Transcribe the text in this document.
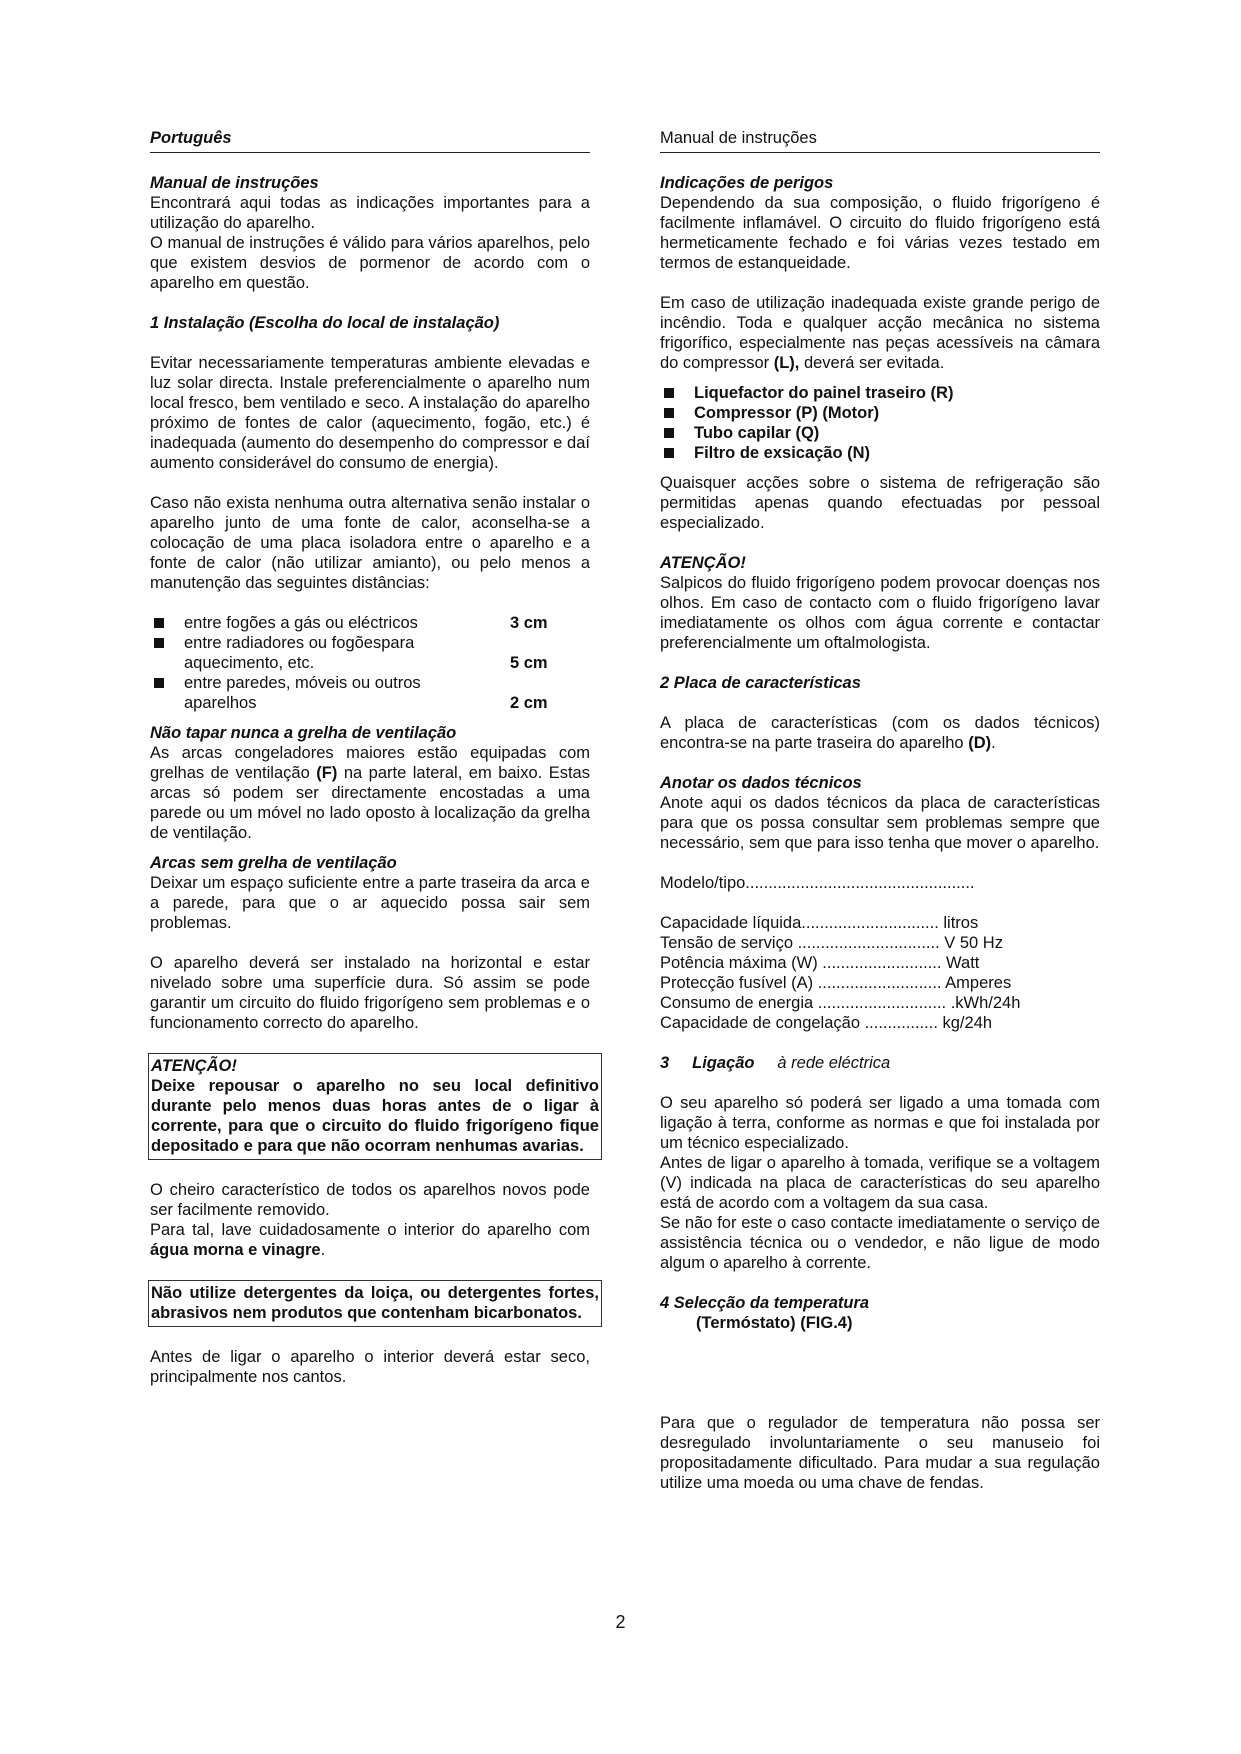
Português
Manual de instruções

Encontrará aqui todas as indicações importantes para a utilização do aparelho.

O manual de instruções é válido para vários aparelhos, pelo que existem desvios de pormenor de acordo com o aparelho em questão.

1 Instalação (Escolha do local de instalação)

Evitar necessariamente temperaturas ambiente elevadas e luz solar directa. Instale preferencialmente o aparelho num local fresco, bem ventilado e seco. A instalação do aparelho próximo de fontes de calor (aquecimento, fogão, etc.) é inadequada (aumento do desempenho do compressor e daí aumento considerável do consumo de energia).

Caso não exista nenhuma outra alternativa senão instalar o aparelho junto de uma fonte de calor, aconselha-se a colocação de uma placa isoladora entre o aparelho e a fonte de calor (não utilizar amianto), ou pelo menos a manutenção das seguintes distâncias:

entre fogões a gás ou eléctricos	3 cm
entre radiadores ou fogõespara aquecimento, etc.	5 cm
entre paredes, móveis ou outros aparelhos	2 cm
Não tapar nunca a grelha de ventilação

As arcas congeladores maiores estão equipadas com grelhas de ventilação (F) na parte lateral, em baixo. Estas arcas só podem ser directamente encostadas a uma parede ou um móvel no lado oposto à localização da grelha de ventilação.

Arcas sem grelha de ventilação

Deixar um espaço suficiente entre a parte traseira da arca e a parede, para que o ar aquecido possa sair sem problemas.

O aparelho deverá ser instalado na horizontal e estar nivelado sobre uma superfície dura. Só assim se pode garantir um circuito do fluido frigorígeno sem problemas e o funcionamento correcto do aparelho.

ATENÇÃO!

Deixe repousar o aparelho no seu local definitivo durante pelo menos duas horas antes de o ligar à corrente, para que o circuito do fluido frigorígeno fique depositado e para que não ocorram nenhumas avarias.

O cheiro característico de todos os aparelhos novos pode ser facilmente removido.

Para tal, lave cuidadosamente o interior do aparelho com água morna e vinagre.

Não utilize detergentes da loiça, ou detergentes fortes, abrasivos nem produtos que contenham bicarbonatos.

Antes de ligar o aparelho o interior deverá estar seco, principalmente nos cantos.

Manual de instruções
Indicações de perigos

Dependendo da sua composição, o fluido frigorígeno é facilmente inflamável. O circuito do fluido frigorígeno está hermeticamente fechado e foi várias vezes testado em termos de estanqueidade.

Em caso de utilização inadequada existe grande perigo de incêndio. Toda e qualquer acção mecânica no sistema frigorífico, especialmente nas peças acessíveis na câmara do compressor (L), deverá ser evitada.

Liquefactor do painel traseiro (R)
Compressor (P) (Motor)
Tubo capilar (Q)
Filtro de exsicação (N)

Quaisquer acções sobre o sistema de refrigeração são permitidas apenas quando efectuadas por pessoal especializado.

ATENÇÃO!

Salpicos do fluido frigorígeno podem provocar doenças nos olhos. Em caso de contacto com o fluido frigorígeno lavar imediatamente os olhos com água corrente e contactar preferencialmente um oftalmologista.

2 Placa de características

A placa de características (com os dados técnicos) encontra-se na parte traseira do aparelho (D).

Anotar os dados técnicos

Anote aqui os dados técnicos da placa de características para que os possa consultar sem problemas sempre que necessário, sem que para isso tenha que mover o aparelho.

Modelo/tipo..................................................
Capacidade líquida.............................. litros
Tensão de serviço ............................... V 50 Hz
Potência máxima (W) .......................... Watt
Protecção fusível (A) ........................... Amperes
Consumo de energia ............................ .kWh/24h
Capacidade de congelação ................ kg/24h
3 Ligação à rede eléctrica

O seu aparelho só poderá ser ligado a uma tomada com ligação à terra, conforme as normas e que foi instalada por um técnico especializado.

Antes de ligar o aparelho à tomada, verifique se a voltagem (V) indicada na placa de características do seu aparelho está de acordo com a voltagem da sua casa.

Se não for este o caso contacte imediatamente o serviço de assistência técnica ou o vendedor, e não ligue de modo algum o aparelho à corrente.

4 Selecção da temperatura
(Termóstato) (FIG.4)

Para que o regulador de temperatura não possa ser desregulado involuntariamente o seu manuseio foi propositadamente dificultado. Para mudar a sua regulação utilize uma moeda ou uma chave de fendas.

2
